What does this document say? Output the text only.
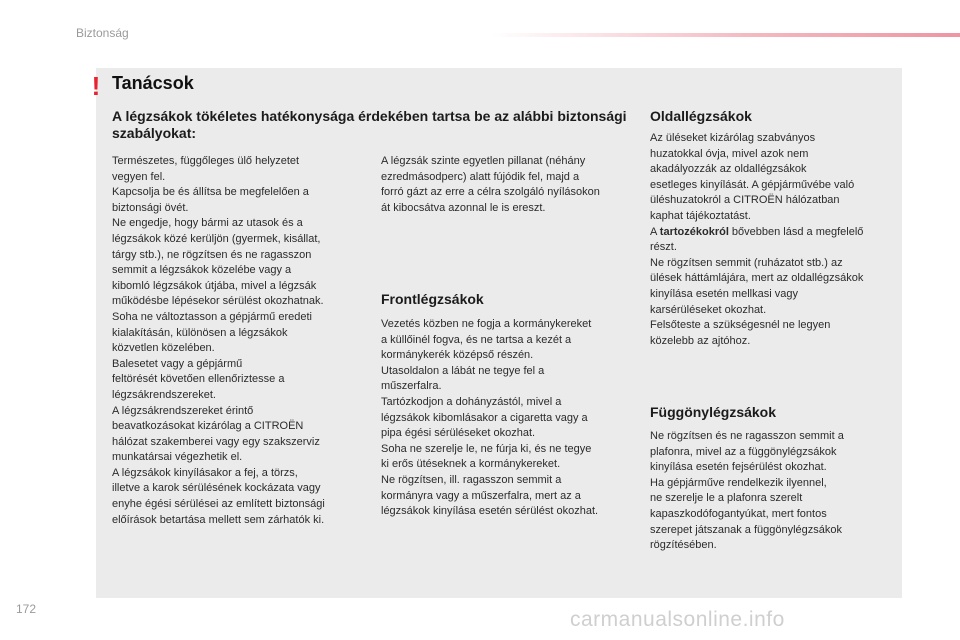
Biztonság
! Tanácsok
A légzsákok tökéletes hatékonysága érdekében tartsa be az alábbi biztonsági szabályokat:

Természetes, függőleges ülő helyzetet

vegyen fel.

Kapcsolja be és állítsa be megfelelően a

biztonsági övét.

Ne engedje, hogy bármi az utasok és a

légzsákok közé kerüljön (gyermek, kisállat,

tárgy stb.), ne rögzítsen és ne ragasszon

semmit a légzsákok közelébe vagy a

kibomló légzsákok útjába, mivel a légzsák

működésbe lépésekor sérülést okozhatnak.

Soha ne változtasson a gépjármű eredeti

kialakításán, különösen a légzsákok

közvetlen közelében.

Balesetet vagy a gépjármű

feltörését követően ellenőriztesse a

légzsákrendszereket.

A légzsákrendszereket érintő

beavatkozásokat kizárólag a CITROËN

hálózat szakemberei vagy egy szakszerviz

munkatársai végezhetik el.

A légzsákok kinyílásakor a fej, a törzs,

illetve a karok sérülésének kockázata vagy

enyhe égési sérülései az említett biztonsági

előírások betartása mellett sem zárhatók ki.

A légzsák szinte egyetlen pillanat (néhány

ezredmásodperc) alatt fújódik fel, majd a

forró gázt az erre a célra szolgáló nyílásokon

át kibocsátva azonnal le is ereszt.

Frontlégzsákok

Vezetés közben ne fogja a kormánykereket

a küllőinél fogva, és ne tartsa a kezét a

kormánykerék középső részén.

Utasoldalon a lábát ne tegye fel a

műszerfalra.

Tartózkodjon a dohányzástól, mivel a

légzsákok kibomlásakor a cigaretta vagy a

pipa égési sérüléseket okozhat.

Soha ne szerelje le, ne fúrja ki, és ne tegye

ki erős ütéseknek a kormánykereket.

Ne rögzítsen, ill. ragasszon semmit a

kormányra vagy a műszerfalra, mert az a

légzsákok kinyílása esetén sérülést okozhat.

Oldallégzsákok

Az üléseket kizárólag szabványos

huzatokkal óvja, mivel azok nem

akadályozzák az oldallégzsákok

esetleges kinyílását. A gépjárművébe való

üléshuzatokról a CITROËN hálózatban

kaphat tájékoztatást.

A tartozékokról bővebben lásd a megfelelő

részt.

Ne rögzítsen semmit (ruházatot stb.) az

ülések háttámlájára, mert az oldallégzsákok

kinyílása esetén mellkasi vagy

karsérüléseket okozhat.

Felsőteste a szükségesnél ne legyen

közelebb az ajtóhoz.

Függönylégzsákok

Ne rögzítsen és ne ragasszon semmit a

plafonra, mivel az a függönylégzsákok

kinyílása esetén fejsérülést okozhat.

Ha gépjárműve rendelkezik ilyennel,

ne szerelje le a plafonra szerelt

kapaszkodófogantyúkat, mert fontos

szerepet játszanak a függönylégzsákok

rögzítésében.

172	carmanualsonline.info
